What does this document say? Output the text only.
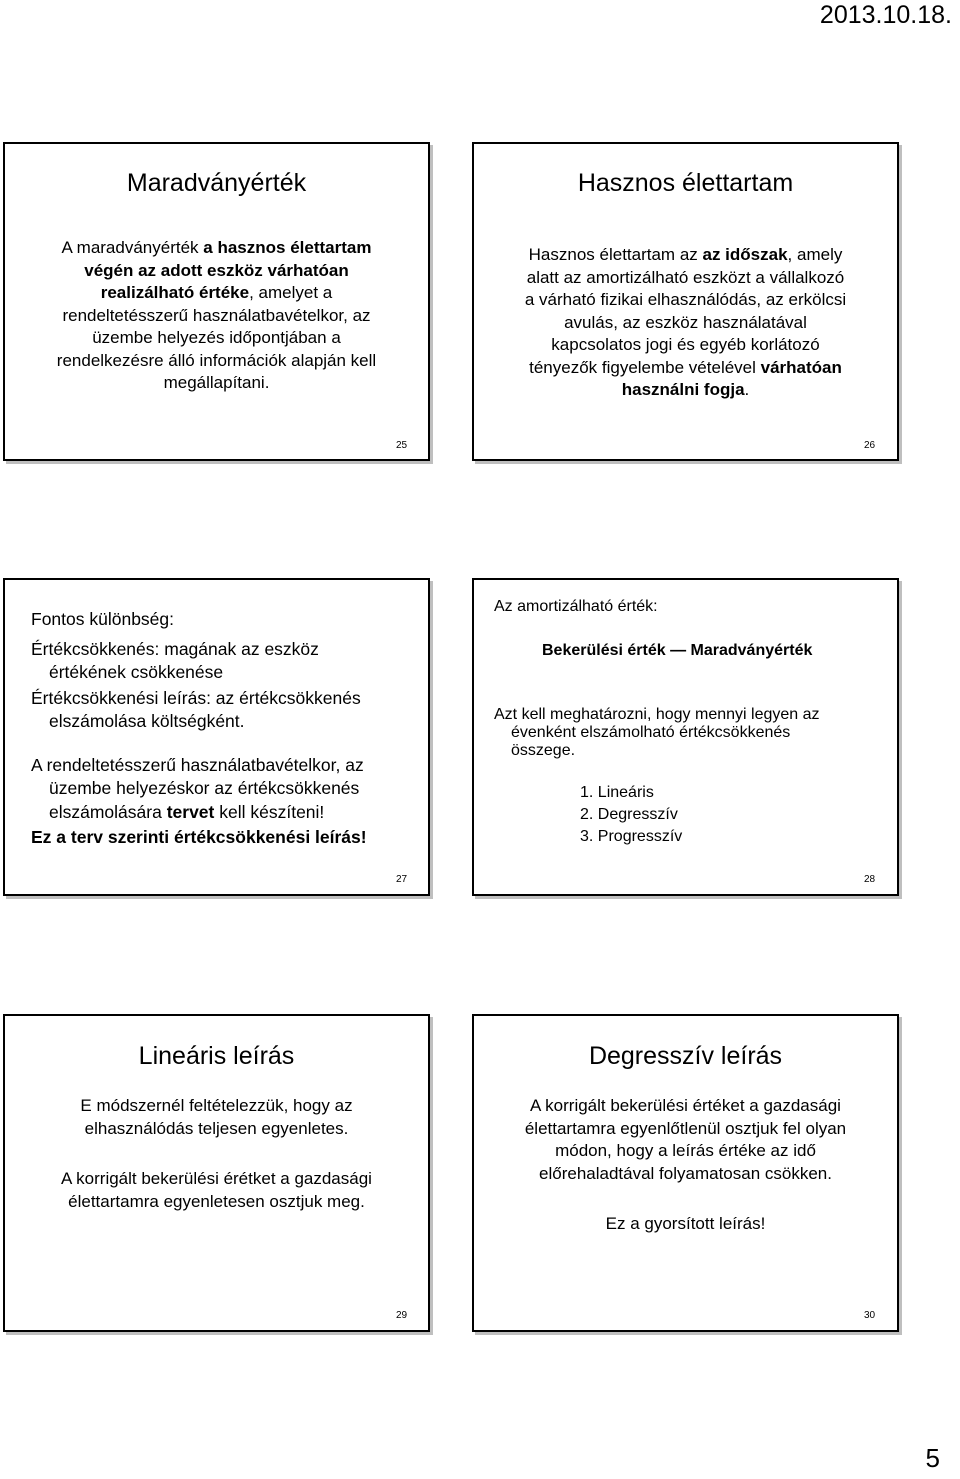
2013.10.18.
Maradványérték
A maradványérték a hasznos élettartam
végén az adott eszköz várhatóan
realizálható értéke, amelyet a
rendeltetésszerű használatbavételkor, az
üzembe helyezés időpontjában a
rendelkezésre álló információk alapján kell
megállapítani.
25
Hasznos élettartam
Hasznos élettartam az az időszak, amely
alatt az amortizálható eszközt a vállalkozó
a várható fizikai elhasználódás, az erkölcsi
avulás, az eszköz használatával
kapcsolatos jogi és egyéb korlátozó
tényezők figyelembe vételével várhatóan
használni fogja.
26
Fontos különbség:
Értékcsökkenés: magának az eszköz
értékének csökkenése
Értékcsökkenési leírás: az értékcsökkenés
elszámolása költségként.
A rendeltetésszerű használatbavételkor, az
üzembe helyezéskor az értékcsökkenés
elszámolására tervet kell készíteni!
Ez a terv szerinti értékcsökkenési leírás!
27
Az amortizálható érték:
Bekerülési érték — Maradványérték
Azt kell meghatározni, hogy mennyi legyen az
évenként elszámolható értékcsökkenés
összege.
1. Lineáris
2. Degresszív
3. Progresszív
28
Lineáris leírás
E módszernél feltételezzük, hogy az
elhasználódás teljesen egyenletes.
A korrigált bekerülési érétket a gazdasági
élettartamra egyenletesen osztjuk meg.
29
Degresszív leírás
A korrigált bekerülési értéket a gazdasági
élettartamra egyenlőtlenül osztjuk fel olyan
módon, hogy a leírás értéke az idő
előrehaladtával folyamatosan csökken.
Ez a gyorsított leírás!
30
5
